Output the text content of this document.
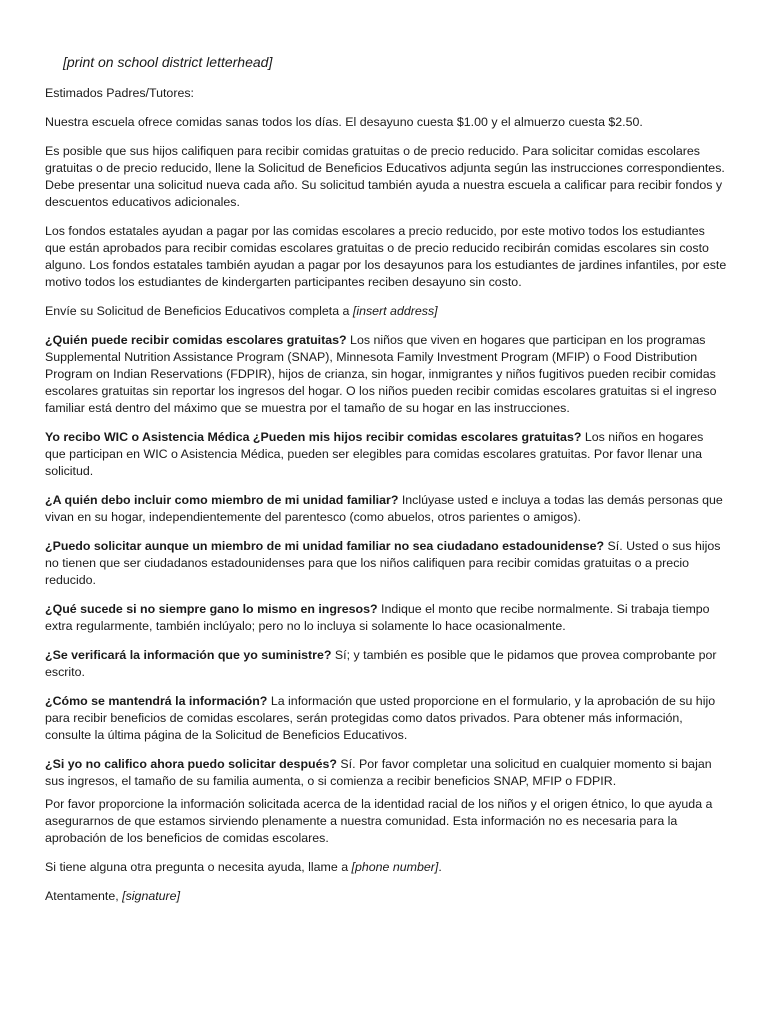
[print on school district letterhead]

Estimados Padres/Tutores:

Nuestra escuela ofrece comidas sanas todos los días. El desayuno cuesta $1.00 y el almuerzo cuesta $2.50.

Es posible que sus hijos califiquen para recibir comidas gratuitas o de precio reducido. Para solicitar comidas escolares gratuitas o de precio reducido, llene la Solicitud de Beneficios Educativos adjunta según las instrucciones correspondientes. Debe presentar una solicitud nueva cada año. Su solicitud también ayuda a nuestra escuela a calificar para recibir fondos y descuentos educativos adicionales.

Los fondos estatales ayudan a pagar por las comidas escolares a precio reducido, por este motivo todos los estudiantes que están aprobados para recibir comidas escolares gratuitas o de precio reducido recibirán comidas escolares sin costo alguno. Los fondos estatales también ayudan a pagar por los desayunos para los estudiantes de jardines infantiles, por este motivo todos los estudiantes de kindergarten participantes reciben desayuno sin costo.

Envíe su Solicitud de Beneficios Educativos completa a [insert address]

¿Quién puede recibir comidas escolares gratuitas? Los niños que viven en hogares que participan en los programas Supplemental Nutrition Assistance Program (SNAP), Minnesota Family Investment Program (MFIP) o Food Distribution Program on Indian Reservations (FDPIR), hijos de crianza, sin hogar, inmigrantes y niños fugitivos pueden recibir comidas escolares gratuitas sin reportar los ingresos del hogar. O los niños pueden recibir comidas escolares gratuitas si el ingreso familiar está dentro del máximo que se muestra por el tamaño de su hogar en las instrucciones.

Yo recibo WIC o Asistencia Médica ¿Pueden mis hijos recibir comidas escolares gratuitas? Los niños en hogares que participan en WIC o Asistencia Médica, pueden ser elegibles para comidas escolares gratuitas. Por favor llenar una solicitud.

¿A quién debo incluir como miembro de mi unidad familiar? Inclúyase usted e incluya a todas las demás personas que vivan en su hogar, independientemente del parentesco (como abuelos, otros parientes o amigos).

¿Puedo solicitar aunque un miembro de mi unidad familiar no sea ciudadano estadounidense? Sí. Usted o sus hijos no tienen que ser ciudadanos estadounidenses para que los niños califiquen para recibir comidas gratuitas o a precio reducido.

¿Qué sucede si no siempre gano lo mismo en ingresos? Indique el monto que recibe normalmente. Si trabaja tiempo extra regularmente, también inclúyalo; pero no lo incluya si solamente lo hace ocasionalmente.

¿Se verificará la información que yo suministre? Sí; y también es posible que le pidamos que provea comprobante por escrito.

¿Cómo se mantendrá la información? La información que usted proporcione en el formulario, y la aprobación de su hijo para recibir beneficios de comidas escolares, serán protegidas como datos privados. Para obtener más información, consulte la última página de la Solicitud de Beneficios Educativos.

¿Si yo no califico ahora puedo solicitar después? Sí. Por favor completar una solicitud en cualquier momento si bajan sus ingresos, el tamaño de su familia aumenta, o si comienza a recibir beneficios SNAP, MFIP o FDPIR.

Por favor proporcione la información solicitada acerca de la identidad racial de los niños y el origen étnico, lo que ayuda a asegurarnos de que estamos sirviendo plenamente a nuestra comunidad. Esta información no es necesaria para la aprobación de los beneficios de comidas escolares.

Si tiene alguna otra pregunta o necesita ayuda, llame a [phone number].

Atentamente, [signature]
